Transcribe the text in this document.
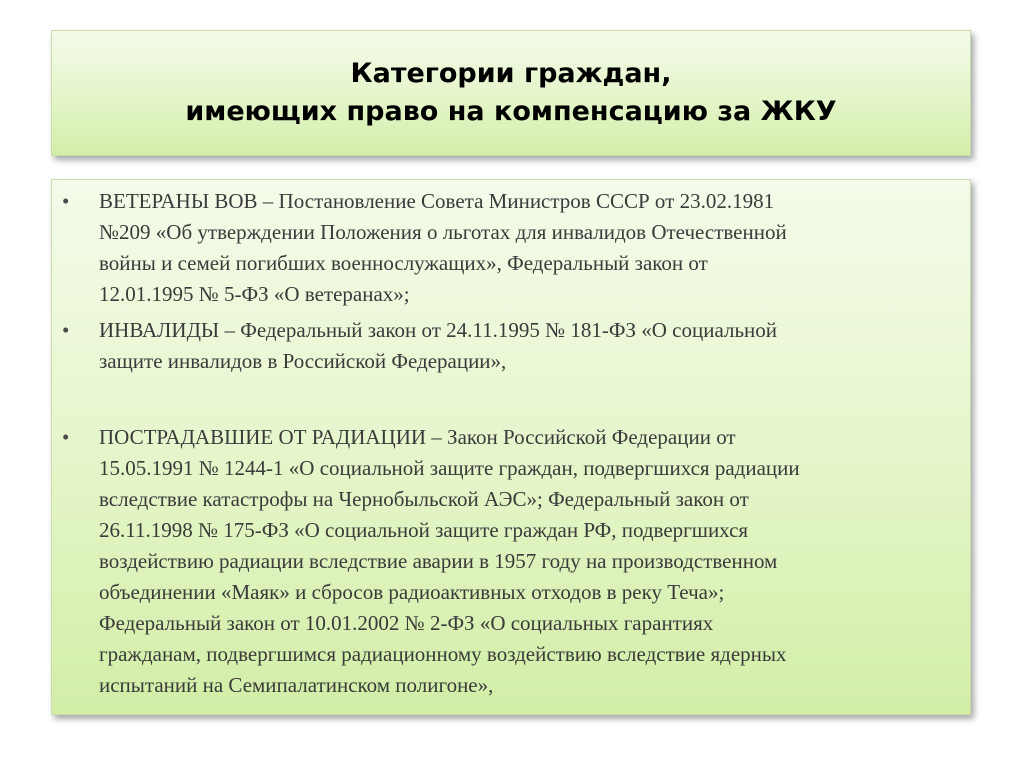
Категории граждан,
имеющих право на компенсацию за ЖКУ
• ВЕТЕРАНЫ ВОВ – Постановление Совета Министров СССР от 23.02.1981
№209 «Об утверждении Положения о льготах для инвалидов Отечественной
войны и семей погибших военнослужащих», Федеральный закон от
12.01.1995 № 5-ФЗ «О ветеранах»;
• ИНВАЛИДЫ – Федеральный закон от 24.11.1995 № 181-ФЗ «О социальной
защите инвалидов в Российской Федерации»,
• ПОСТРАДАВШИЕ ОТ РАДИАЦИИ – Закон Российской Федерации от
15.05.1991 № 1244-1 «О социальной защите граждан, подвергшихся радиации
вследствие катастрофы на Чернобыльской АЭС»; Федеральный закон от
26.11.1998 № 175-ФЗ «О социальной защите граждан РФ, подвергшихся
воздействию радиации вследствие аварии в 1957 году на производственном
объединении «Маяк» и сбросов радиоактивных отходов в реку Теча»;
Федеральный закон от 10.01.2002 № 2-ФЗ «О социальных гарантиях
гражданам, подвергшимся радиационному воздействию вследствие ядерных
испытаний на Семипалатинском полигоне»,
